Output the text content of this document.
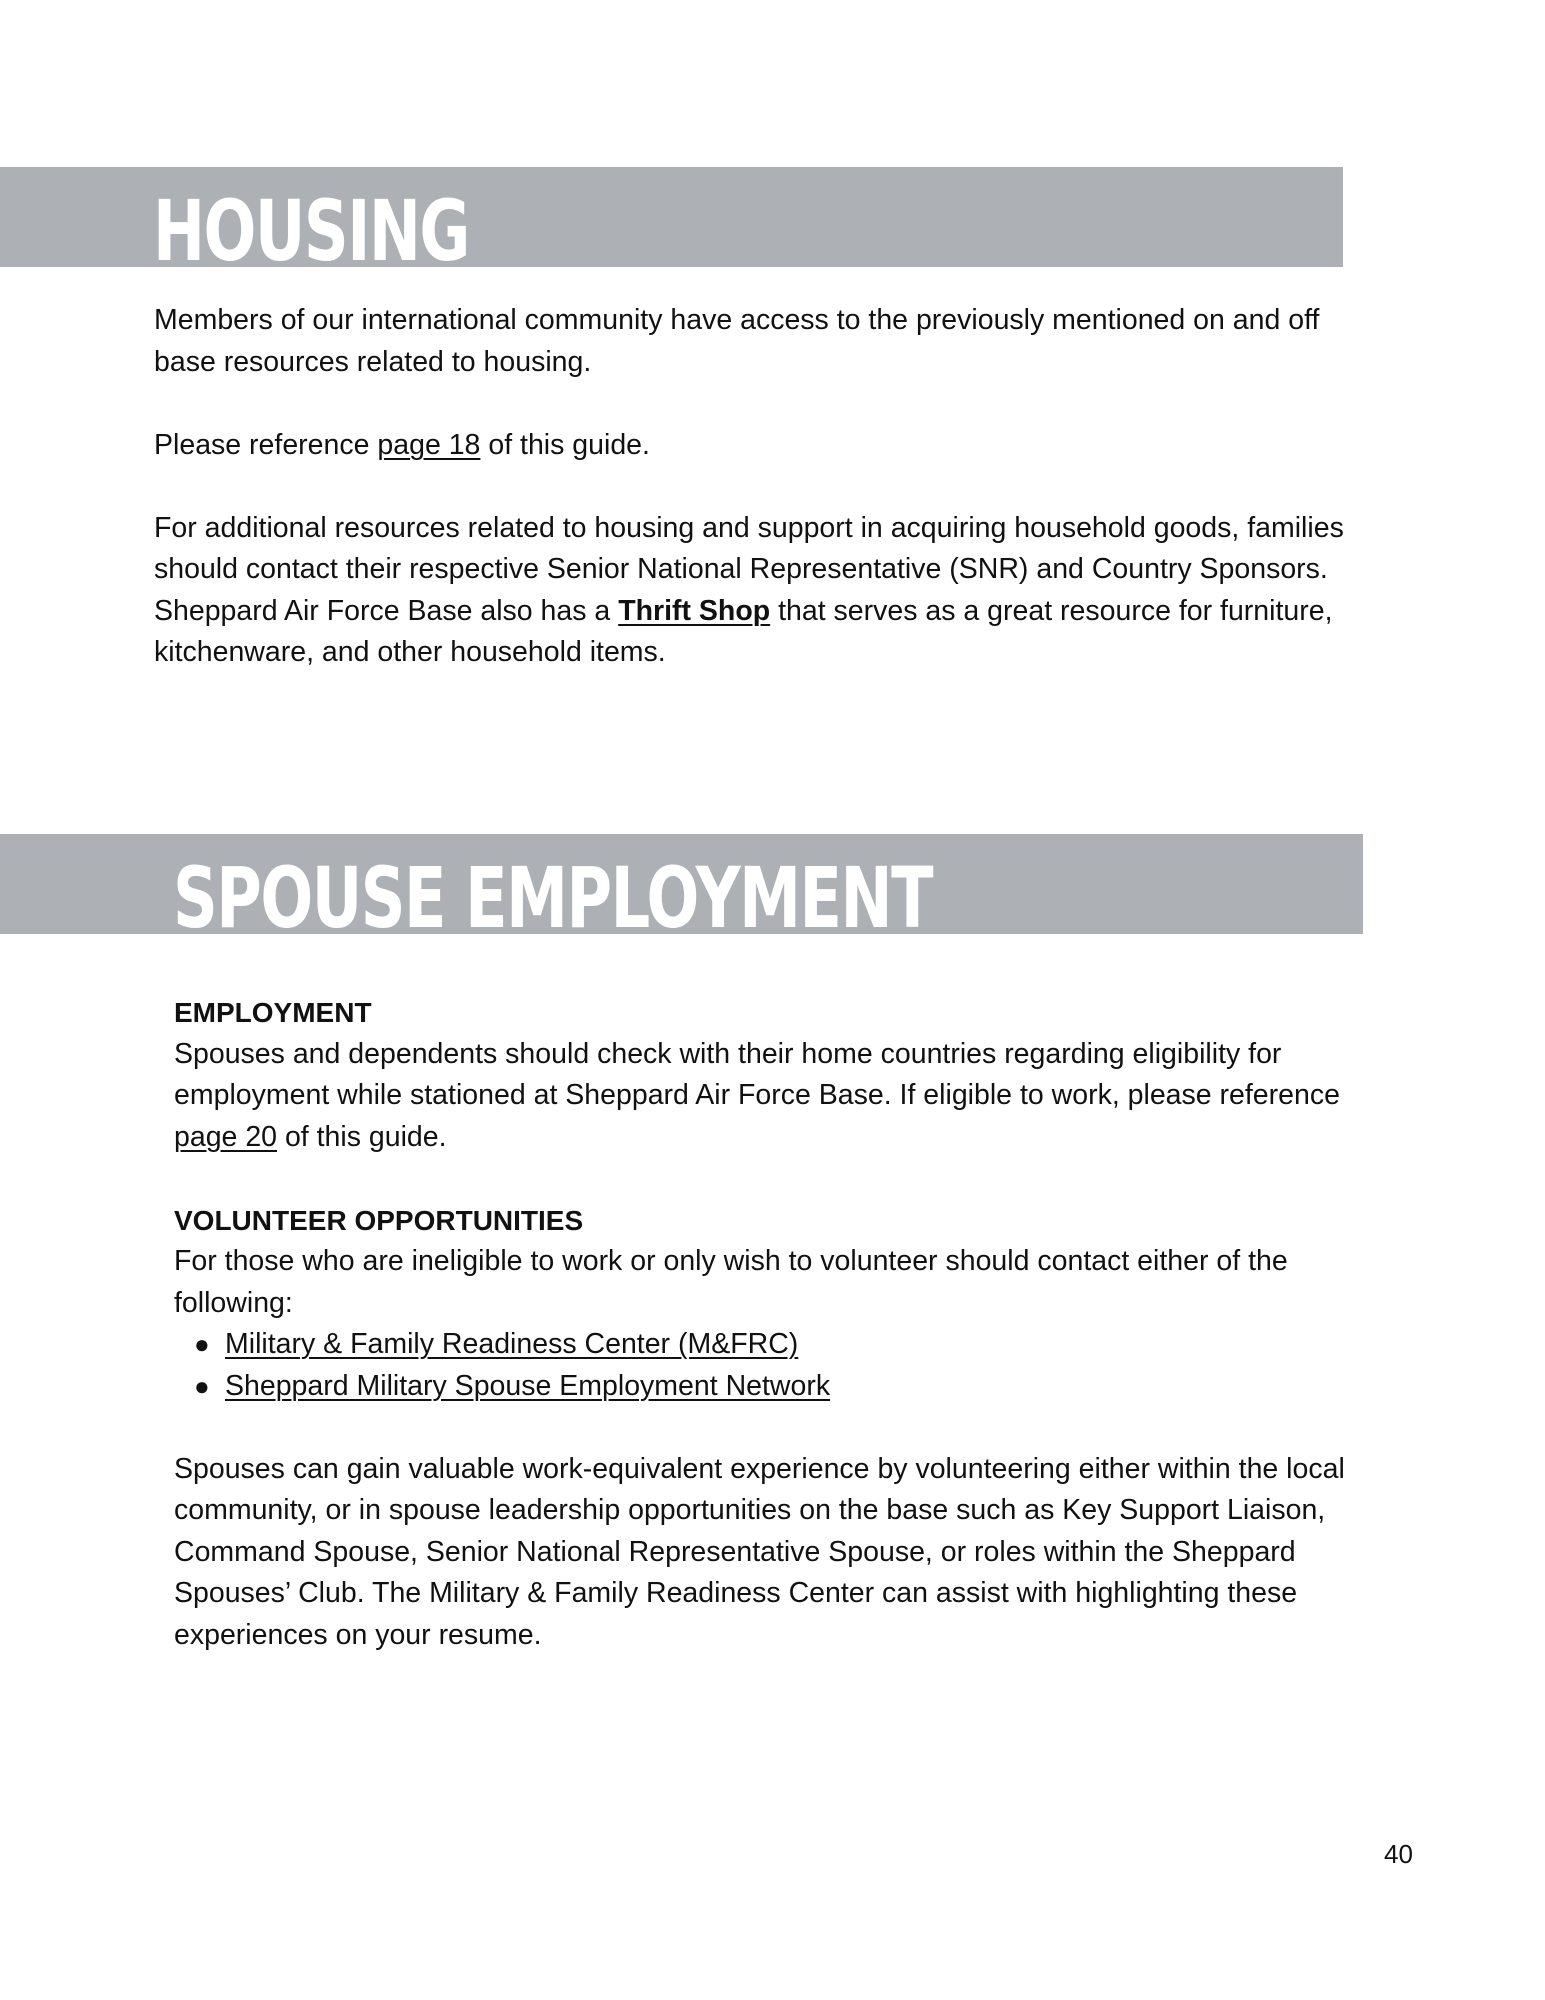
HOUSING

Members of our international community have access to the previously mentioned on and off base resources related to housing.

Please reference page 18 of this guide.

For additional resources related to housing and support in acquiring household goods, families should contact their respective Senior National Representative (SNR) and Country Sponsors. Sheppard Air Force Base also has a Thrift Shop that serves as a great resource for furniture, kitchenware, and other household items.

SPOUSE EMPLOYMENT

EMPLOYMENT

Spouses and dependents should check with their home countries regarding eligibility for employment while stationed at Sheppard Air Force Base. If eligible to work, please reference page 20 of this guide.

VOLUNTEER OPPORTUNITIES

For those who are ineligible to work or only wish to volunteer should contact either of the following:

● Military & Family Readiness Center (M&FRC)
● Sheppard Military Spouse Employment Network

Spouses can gain valuable work-equivalent experience by volunteering either within the local community, or in spouse leadership opportunities on the base such as Key Support Liaison, Command Spouse, Senior National Representative Spouse, or roles within the Sheppard Spouses’ Club. The Military & Family Readiness Center can assist with highlighting these experiences on your resume.

40
